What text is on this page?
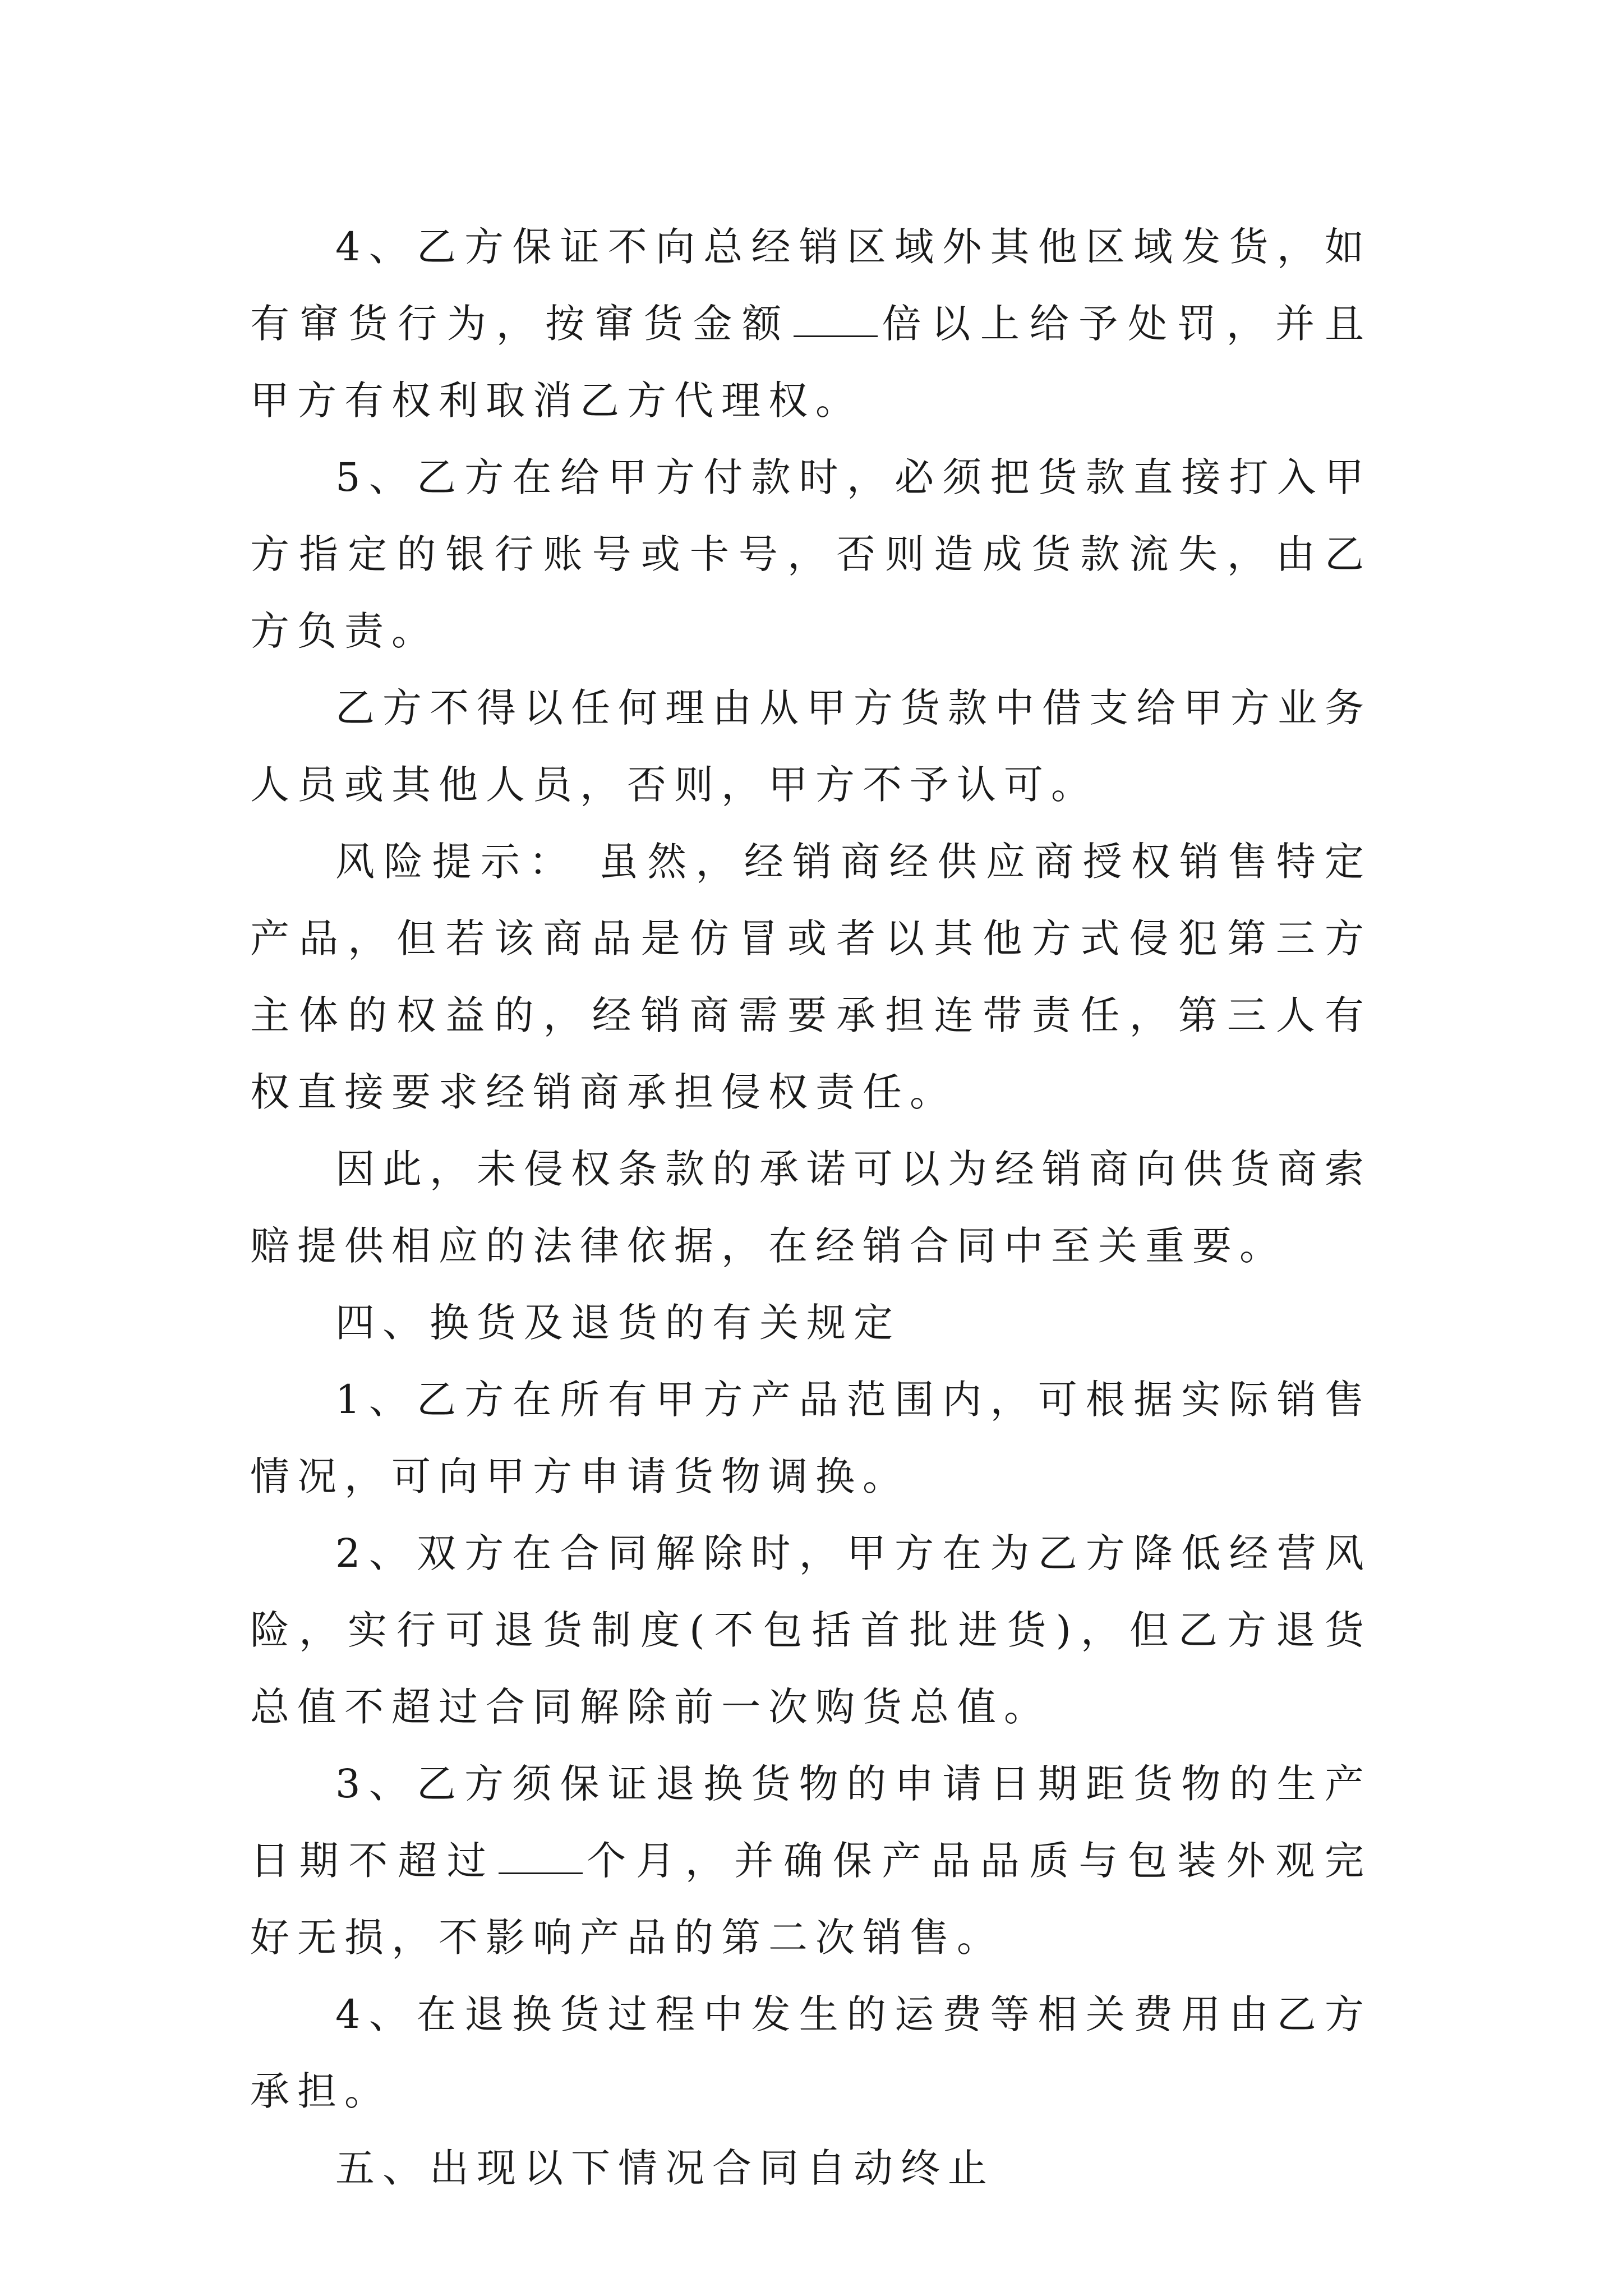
4、乙方保证不向总经销区域外其他区域发货，如有窜货行为，按窜货金额 倍以上给予处罚，并且甲方有权利取消乙方代理权。

5、乙方在给甲方付款时，必须把货款直接打入甲方指定的银行账号或卡号，否则造成货款流失，由乙方负责。

乙方不得以任何理由从甲方货款中借支给甲方业务人员或其他人员，否则，甲方不予认可。

风险提示： 虽然，经销商经供应商授权销售特定产品，但若该商品是仿冒或者以其他方式侵犯第三方主体的权益的，经销商需要承担连带责任，第三人有权直接要求经销商承担侵权责任。

因此，未侵权条款的承诺可以为经销商向供货商索赔提供相应的法律依据，在经销合同中至关重要。

四、换货及退货的有关规定

1、乙方在所有甲方产品范围内，可根据实际销售情况，可向甲方申请货物调换。

2、双方在合同解除时，甲方在为乙方降低经营风险，实行可退货制度(不包括首批进货)，但乙方退货总值不超过合同解除前一次购货总值。

3、乙方须保证退换货物的申请日期距货物的生产日期不超过 个月，并确保产品品质与包装外观完好无损，不影响产品的第二次销售。

4、在退换货过程中发生的运费等相关费用由乙方承担。

五、出现以下情况合同自动终止
